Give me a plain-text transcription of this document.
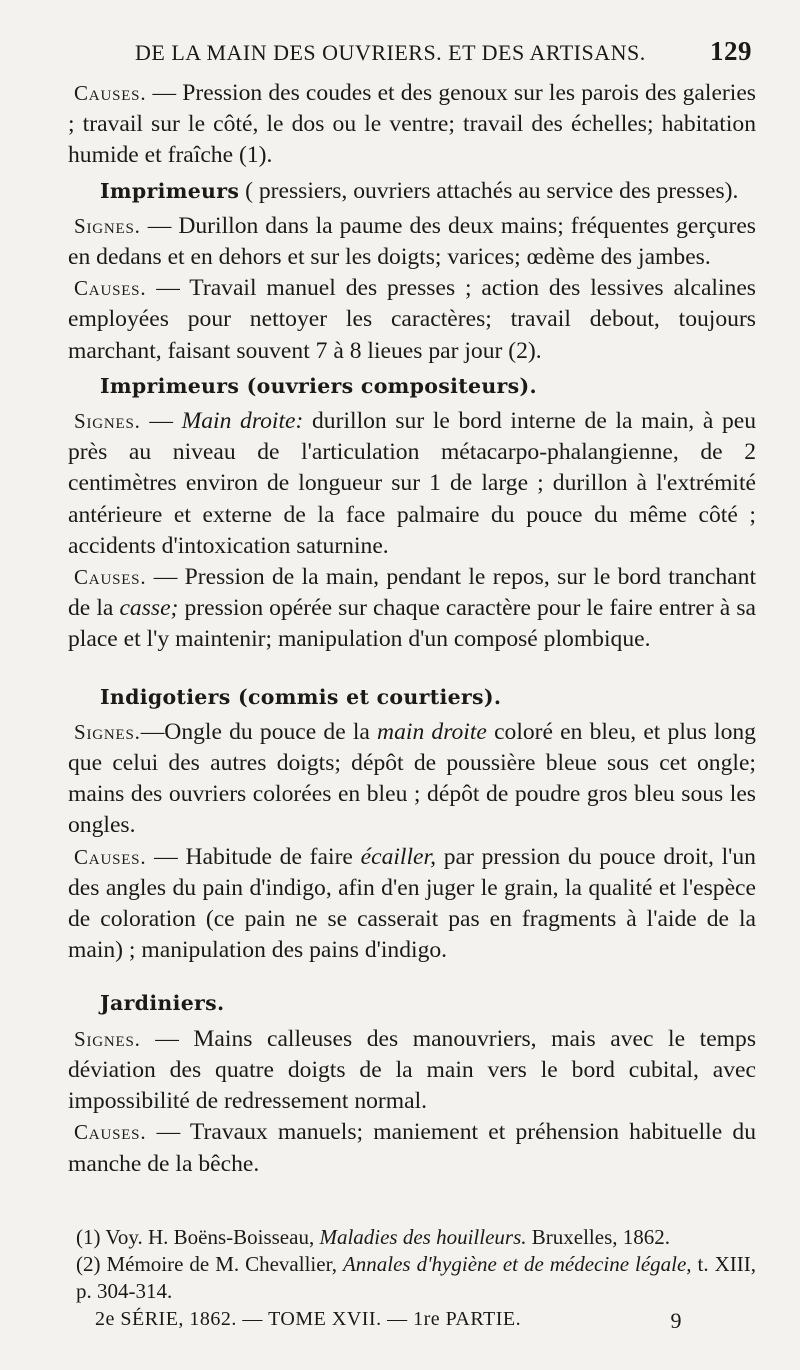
DE LA MAIN DES OUVRIERS. ET DES ARTISANS. 129

Causes. — Pression des coudes et des genoux sur les parois des galeries ; travail sur le côté, le dos ou le ventre; travail des échelles; habitation humide et fraîche (1).

Imprimeurs ( pressiers, ouvriers attachés au service des presses).

Signes. — Durillon dans la paume des deux mains; fréquentes gerçures en dedans et en dehors et sur les doigts; varices; œdème des jambes.

Causes. — Travail manuel des presses ; action des lessives alcalines employées pour nettoyer les caractères; travail debout, toujours marchant, faisant souvent 7 à 8 lieues par jour (2).

Imprimeurs (ouvriers compositeurs).

Signes. — Main droite: durillon sur le bord interne de la main, à peu près au niveau de l'articulation métacarpo-phalangienne, de 2 centimètres environ de longueur sur 1 de large ; durillon à l'extrémité antérieure et externe de la face palmaire du pouce du même côté ; accidents d'intoxication saturnine.

Causes. — Pression de la main, pendant le repos, sur le bord tranchant de la casse; pression opérée sur chaque caractère pour le faire entrer à sa place et l'y maintenir; manipulation d'un composé plombique.

Indigotiers (commis et courtiers).

Signes.—Ongle du pouce de la main droite coloré en bleu, et plus long que celui des autres doigts; dépôt de poussière bleue sous cet ongle; mains des ouvriers colorées en bleu ; dépôt de poudre gros bleu sous les ongles.

Causes. — Habitude de faire écailler, par pression du pouce droit, l'un des angles du pain d'indigo, afin d'en juger le grain, la qualité et l'espèce de coloration (ce pain ne se casserait pas en fragments à l'aide de la main) ; manipulation des pains d'indigo.

Jardiniers.

Signes. — Mains calleuses des manouvriers, mais avec le temps déviation des quatre doigts de la main vers le bord cubital, avec impossibilité de redressement normal.

Causes. — Travaux manuels; maniement et préhension habituelle du manche de la bêche.

(1) Voy. H. Boëns-Boisseau, Maladies des houilleurs. Bruxelles, 1862.

(2) Mémoire de M. Chevallier, Annales d'hygiène et de médecine légale, t. XIII, p. 304-314.

2e SÉRIE, 1862. — TOME XVII. — 1re PARTIE.	9
